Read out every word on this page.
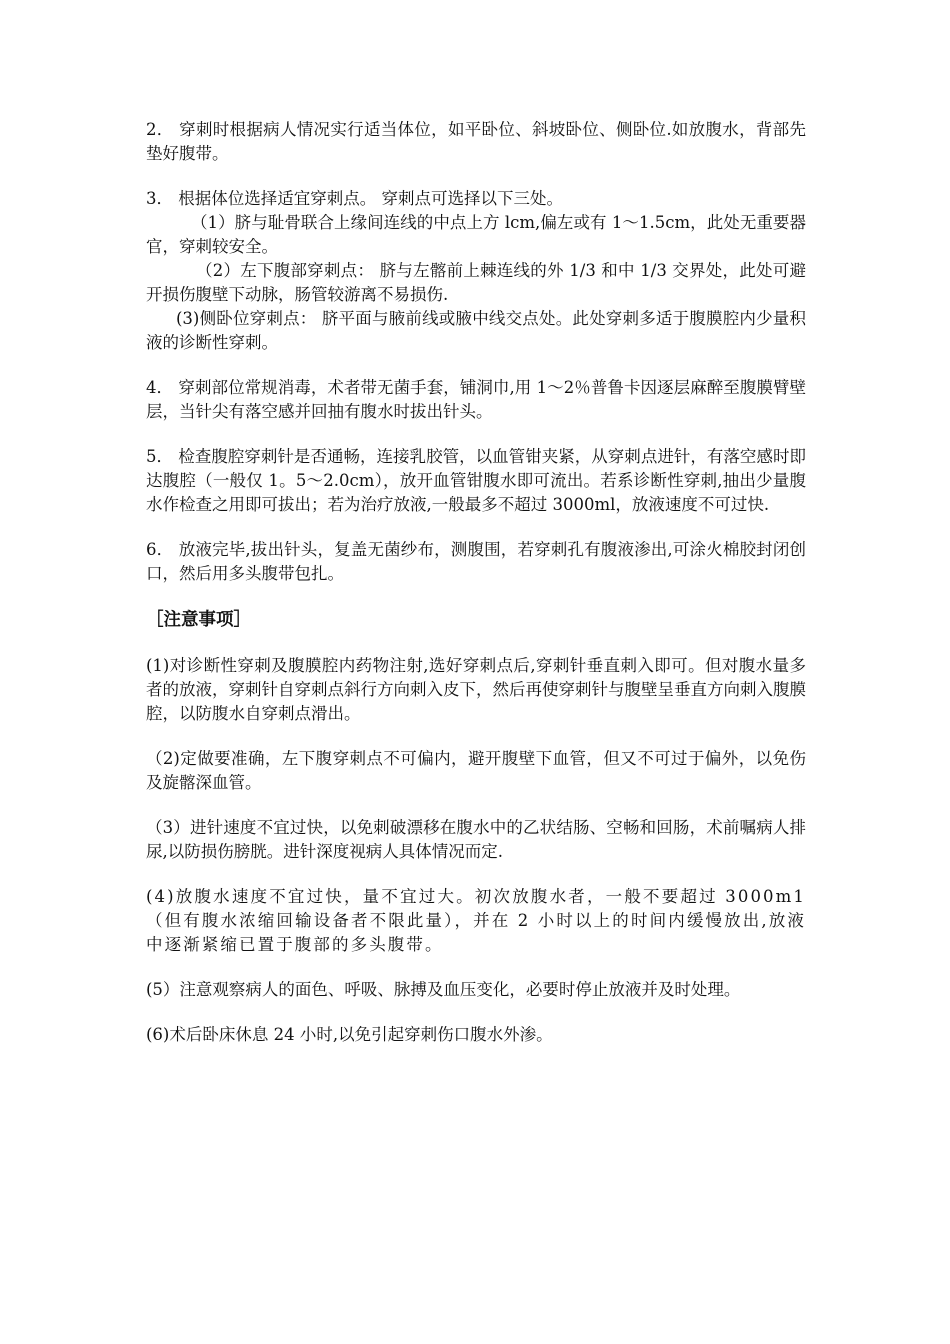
2． 穿刺时根据病人情况实行适当体位，如平卧位、斜坡卧位、侧卧位.如放腹水，背部先垫好腹带。

3． 根据体位选择适宜穿刺点。 穿刺点可选择以下三处。

（1）脐与耻骨联合上缘间连线的中点上方 lcm,偏左或有 1～1.5cm，此处无重要器官，穿刺较安全。

（2）左下腹部穿刺点： 脐与左髂前上棘连线的外 1/3 和中 1/3 交界处，此处可避开损伤腹壁下动脉，肠管较游离不易损伤.

(3)侧卧位穿刺点： 脐平面与腋前线或腋中线交点处。此处穿刺多适于腹膜腔内少量积液的诊断性穿刺。

4． 穿刺部位常规消毒，术者带无菌手套，铺洞巾,用 1～2％普鲁卡因逐层麻醉至腹膜臂壁层，当针尖有落空感并回抽有腹水时拔出针头。

5． 检查腹腔穿刺针是否通畅，连接乳胶管，以血管钳夹紧，从穿刺点进针，有落空感时即达腹腔（一般仅 1。5～2.0cm），放开血管钳腹水即可流出。若系诊断性穿刺,抽出少量腹水作检查之用即可拔出；若为治疗放液,一般最多不超过 3000ml，放液速度不可过快.

6． 放液完毕,拔出针头，复盖无菌纱布，测腹围，若穿刺孔有腹液渗出,可涂火棉胶封闭创口，然后用多头腹带包扎。

［注意事项］

(1)对诊断性穿刺及腹膜腔内药物注射,选好穿刺点后,穿刺针垂直刺入即可。但对腹水量多者的放液，穿刺针自穿刺点斜行方向刺入皮下，然后再使穿刺针与腹壁呈垂直方向刺入腹膜腔，以防腹水自穿刺点滑出。

（2)定做要准确，左下腹穿刺点不可偏内，避开腹壁下血管，但又不可过于偏外，以免伤及旋髂深血管。

（3）进针速度不宜过快，以免刺破漂移在腹水中的乙状结肠、空畅和回肠，术前嘱病人排尿,以防损伤膀胱。进针深度视病人具体情况而定.

(4)放腹水速度不宜过快，量不宜过大。初次放腹水者，一般不要超过 3000m1（但有腹水浓缩回输设备者不限此量），并在 2 小时以上的时间内缓慢放出,放液中逐渐紧缩已置于腹部的多头腹带。

(5）注意观察病人的面色、呼吸、脉搏及血压变化，必要时停止放液并及时处理。

(6)术后卧床休息 24 小时,以免引起穿刺伤口腹水外渗。
